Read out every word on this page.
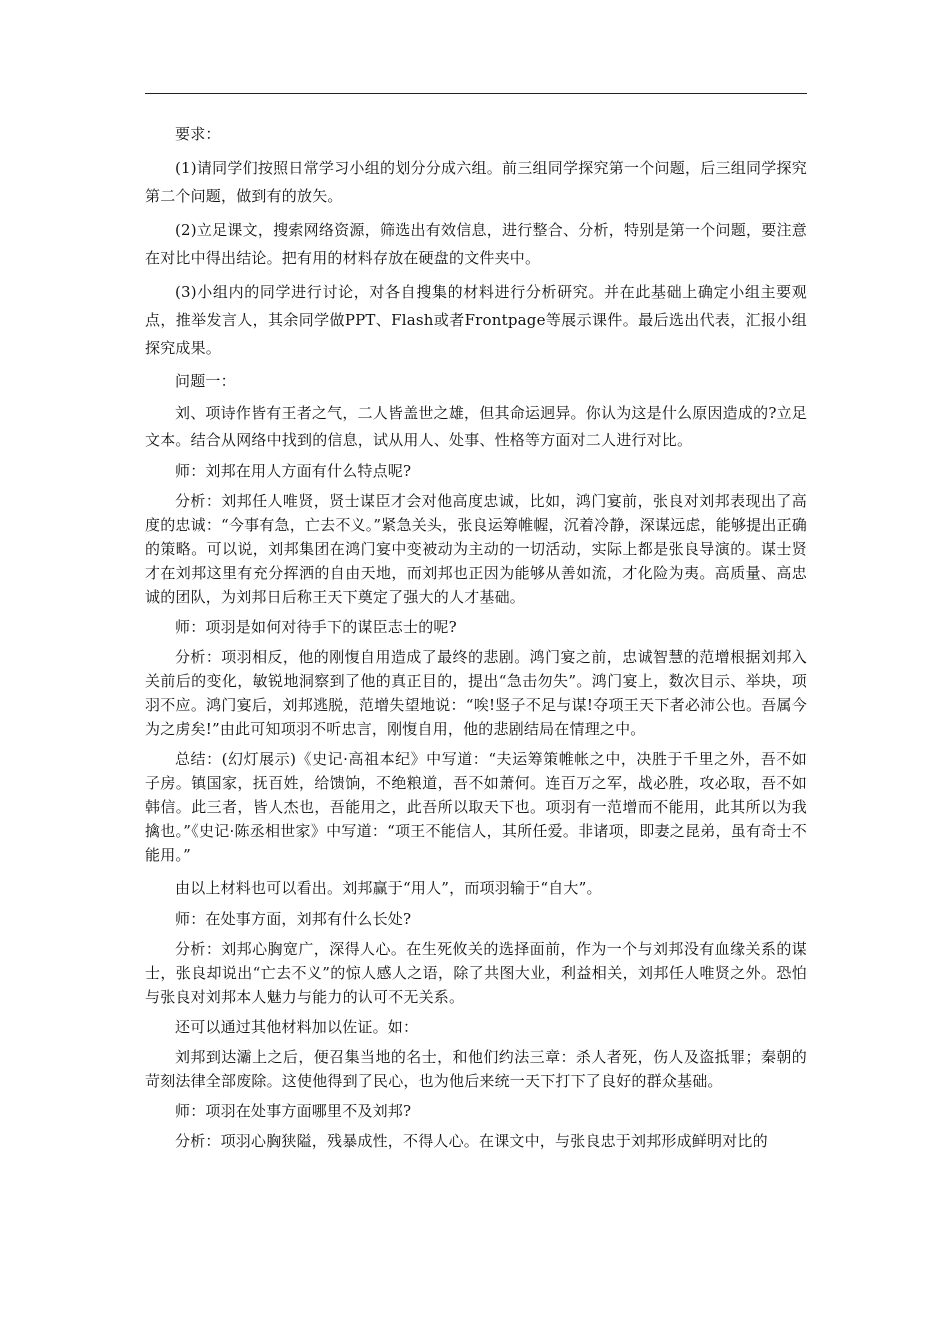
要求：

(1)请同学们按照日常学习小组的划分分成六组。前三组同学探究第一个问题，后三组同学探究第二个问题，做到有的放矢。

(2)立足课文，搜索网络资源，筛选出有效信息，进行整合、分析，特别是第一个问题，要注意在对比中得出结论。把有用的材料存放在硬盘的文件夹中。

(3)小组内的同学进行讨论，对各自搜集的材料进行分析研究。并在此基础上确定小组主要观点，推举发言人，其余同学做PPT、Flash或者Frontpage等展示课件。最后选出代表，汇报小组探究成果。

问题一：

刘、项诗作皆有王者之气，二人皆盖世之雄，但其命运迥异。你认为这是什么原因造成的?立足文本。结合从网络中找到的信息，试从用人、处事、性格等方面对二人进行对比。

师：刘邦在用人方面有什么特点呢?

分析：刘邦任人唯贤，贤士谋臣才会对他高度忠诚，比如，鸿门宴前，张良对刘邦表现出了高度的忠诚：“今事有急，亡去不义。”紧急关头，张良运筹帷幄，沉着冷静，深谋远虑，能够提出正确的策略。可以说，刘邦集团在鸿门宴中变被动为主动的一切活动，实际上都是张良导演的。谋士贤才在刘邦这里有充分挥洒的自由天地，而刘邦也正因为能够从善如流，才化险为夷。高质量、高忠诚的团队，为刘邦日后称王天下奠定了强大的人才基础。

师：项羽是如何对待手下的谋臣志士的呢?

分析：项羽相反，他的刚愎自用造成了最终的悲剧。鸿门宴之前，忠诚智慧的范增根据刘邦入关前后的变化，敏锐地洞察到了他的真正目的，提出“急击勿失”。鸿门宴上，数次目示、举块，项羽不应。鸿门宴后，刘邦逃脱，范增失望地说：“唉!竖子不足与谋!夺项王天下者必沛公也。吾属今为之虏矣!”由此可知项羽不听忠言，刚愎自用，他的悲剧结局在情理之中。

总结：(幻灯展示)《史记·高祖本纪》中写道：“夫运筹策帷帐之中，决胜于千里之外，吾不如子房。镇国家，抚百姓，给馈饷，不绝粮道，吾不如萧何。连百万之军，战必胜，攻必取，吾不如韩信。此三者，皆人杰也，吾能用之，此吾所以取天下也。项羽有一范增而不能用，此其所以为我擒也。”《史记·陈丞相世家》中写道：“项王不能信人，其所任爱。非诸项，即妻之昆弟，虽有奇士不能用。”

由以上材料也可以看出。刘邦赢于“用人”，而项羽输于“自大”。

师：在处事方面，刘邦有什么长处?

分析：刘邦心胸宽广，深得人心。在生死攸关的选择面前，作为一个与刘邦没有血缘关系的谋士，张良却说出“亡去不义”的惊人感人之语，除了共图大业，利益相关，刘邦任人唯贤之外。恐怕与张良对刘邦本人魅力与能力的认可不无关系。

还可以通过其他材料加以佐证。如：

刘邦到达灞上之后，便召集当地的名士，和他们约法三章：杀人者死，伤人及盗抵罪；秦朝的苛刻法律全部废除。这使他得到了民心，也为他后来统一天下打下了良好的群众基础。

师：项羽在处事方面哪里不及刘邦?

分析：项羽心胸狭隘，残暴成性，不得人心。在课文中，与张良忠于刘邦形成鲜明对比的
